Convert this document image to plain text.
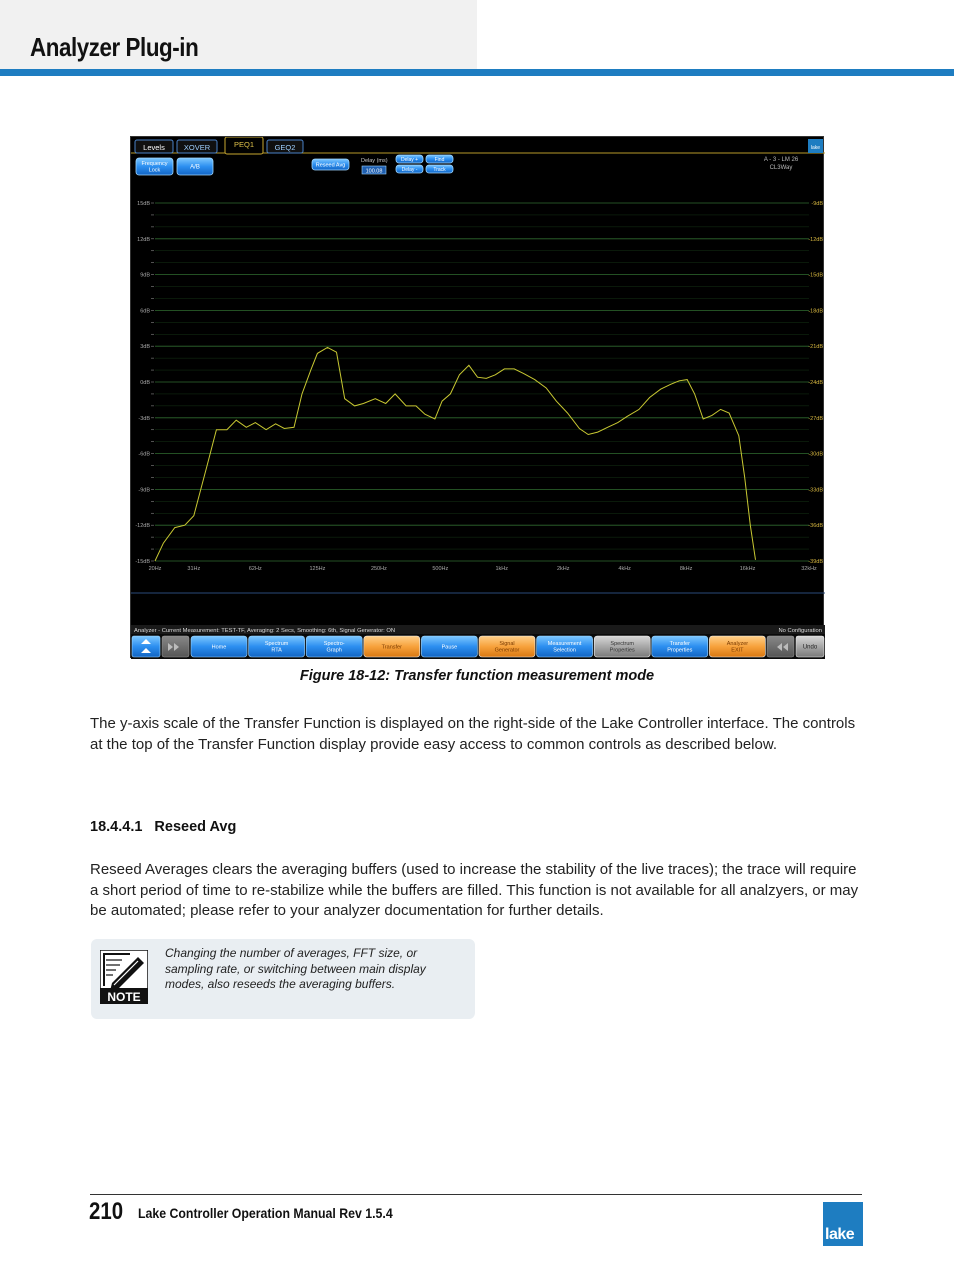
Analyzer Plug-in
Levels	XOVER	PEQ1	GEQ2	lake
Frequency
Lock
A/B	Reseed Avg
Delay (ms)
100.08
Delay +
Delay -
Find
Track
A - 3 - LM 26
CL3Way
15dB
12dB
9dB
6dB
3dB
0dB
-3dB
-6dB
-9dB
-12dB
-15dB
-9dB
-12dB
-15dB
-18dB
-21dB
-24dB
-27dB
-30dB
-33dB
-36dB
-39dB
20Hz	31Hz	62Hz	125Hz	250Hz	500Hz	1kHz	2kHz	4kHz	8kHz	16kHz	32kHz
Analyzer - Current Measurement: TEST-TF, Averaging: 2 Secs, Smoothing: 6th, Signal Generator: ON	No Configuration
Home
Spectrum
RTA
Spectro-
Graph
Transfer	Pause
Signal
Generator
Measurement
Selection
Spectrum
Properties
Transfer
Properties
Analyzer
EXIT
Undo
Figure 18-12: Transfer function measurement mode
The y-axis scale of the Transfer Function is displayed on the right-side of the Lake Controller interface. The controls at the top of the Transfer Function display provide easy access to common controls as described below.
18.4.4.1 Reseed Avg
Reseed Averages clears the averaging buffers (used to increase the stability of the live traces); the trace will require a short period of time to re-stabilize while the buffers are filled. This function is not available for all analzyers, or may be automated; please refer to your analyzer documentation for further details.
NOTE
Changing the number of averages, FFT size, or sampling rate, or switching between main display modes, also reseeds the averaging buffers.
210 Lake Controller Operation Manual Rev 1.5.4
lake
